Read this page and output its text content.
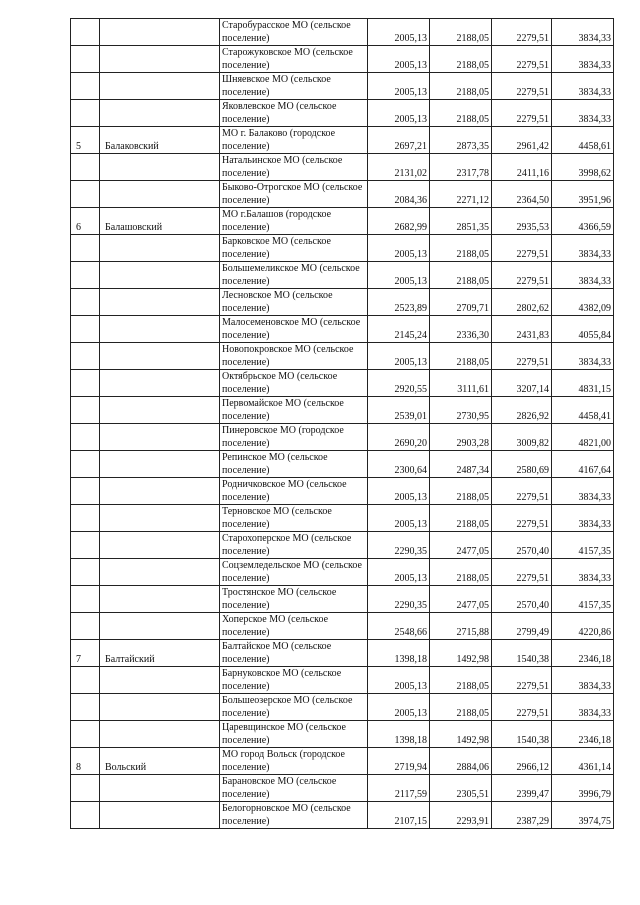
		Старобурасское МО (сельское поселение)	2005,13	2188,05	2279,51	3834,33
		Старожуковское МО (сельское поселение)	2005,13	2188,05	2279,51	3834,33
		Шняевское МО (сельское поселение)	2005,13	2188,05	2279,51	3834,33
		Яковлевское МО (сельское поселение)	2005,13	2188,05	2279,51	3834,33
5	Балаковский	МО г. Балаково (городское поселение)	2697,21	2873,35	2961,42	4458,61
		Натальинское МО (сельское поселение)	2131,02	2317,78	2411,16	3998,62
		Быково-Отрогское МО (сельское поселение)	2084,36	2271,12	2364,50	3951,96
6	Балашовский	МО г.Балашов (городское поселение)	2682,99	2851,35	2935,53	4366,59
		Барковское МО (сельское поселение)	2005,13	2188,05	2279,51	3834,33
		Большемеликское МО (сельское поселение)	2005,13	2188,05	2279,51	3834,33
		Лесновское МО (сельское поселение)	2523,89	2709,71	2802,62	4382,09
		Малосеменовское МО (сельское поселение)	2145,24	2336,30	2431,83	4055,84
		Новопокровское МО (сельское поселение)	2005,13	2188,05	2279,51	3834,33
		Октябрьское МО (сельское поселение)	2920,55	3111,61	3207,14	4831,15
		Первомайское МО (сельское поселение)	2539,01	2730,95	2826,92	4458,41
		Пинеровское МО (городское поселение)	2690,20	2903,28	3009,82	4821,00
		Репинское МО (сельское поселение)	2300,64	2487,34	2580,69	4167,64
		Родничковское МО (сельское поселение)	2005,13	2188,05	2279,51	3834,33
		Терновское МО (сельское поселение)	2005,13	2188,05	2279,51	3834,33
		Старохоперское МО (сельское поселение)	2290,35	2477,05	2570,40	4157,35
		Соцземледельское МО (сельское поселение)	2005,13	2188,05	2279,51	3834,33
		Тростянское МО (сельское поселение)	2290,35	2477,05	2570,40	4157,35
		Хоперское МО (сельское поселение)	2548,66	2715,88	2799,49	4220,86
7	Балтайский	Балтайское МО (сельское поселение)	1398,18	1492,98	1540,38	2346,18
		Барнуковское МО (сельское поселение)	2005,13	2188,05	2279,51	3834,33
		Большеозерское МО (сельское поселение)	2005,13	2188,05	2279,51	3834,33
		Царевщинское МО (сельское поселение)	1398,18	1492,98	1540,38	2346,18
8	Вольский	МО город Вольск (городское поселение)	2719,94	2884,06	2966,12	4361,14
		Барановское МО (сельское поселение)	2117,59	2305,51	2399,47	3996,79
		Белогорновское МО (сельское поселение)	2107,15	2293,91	2387,29	3974,75
